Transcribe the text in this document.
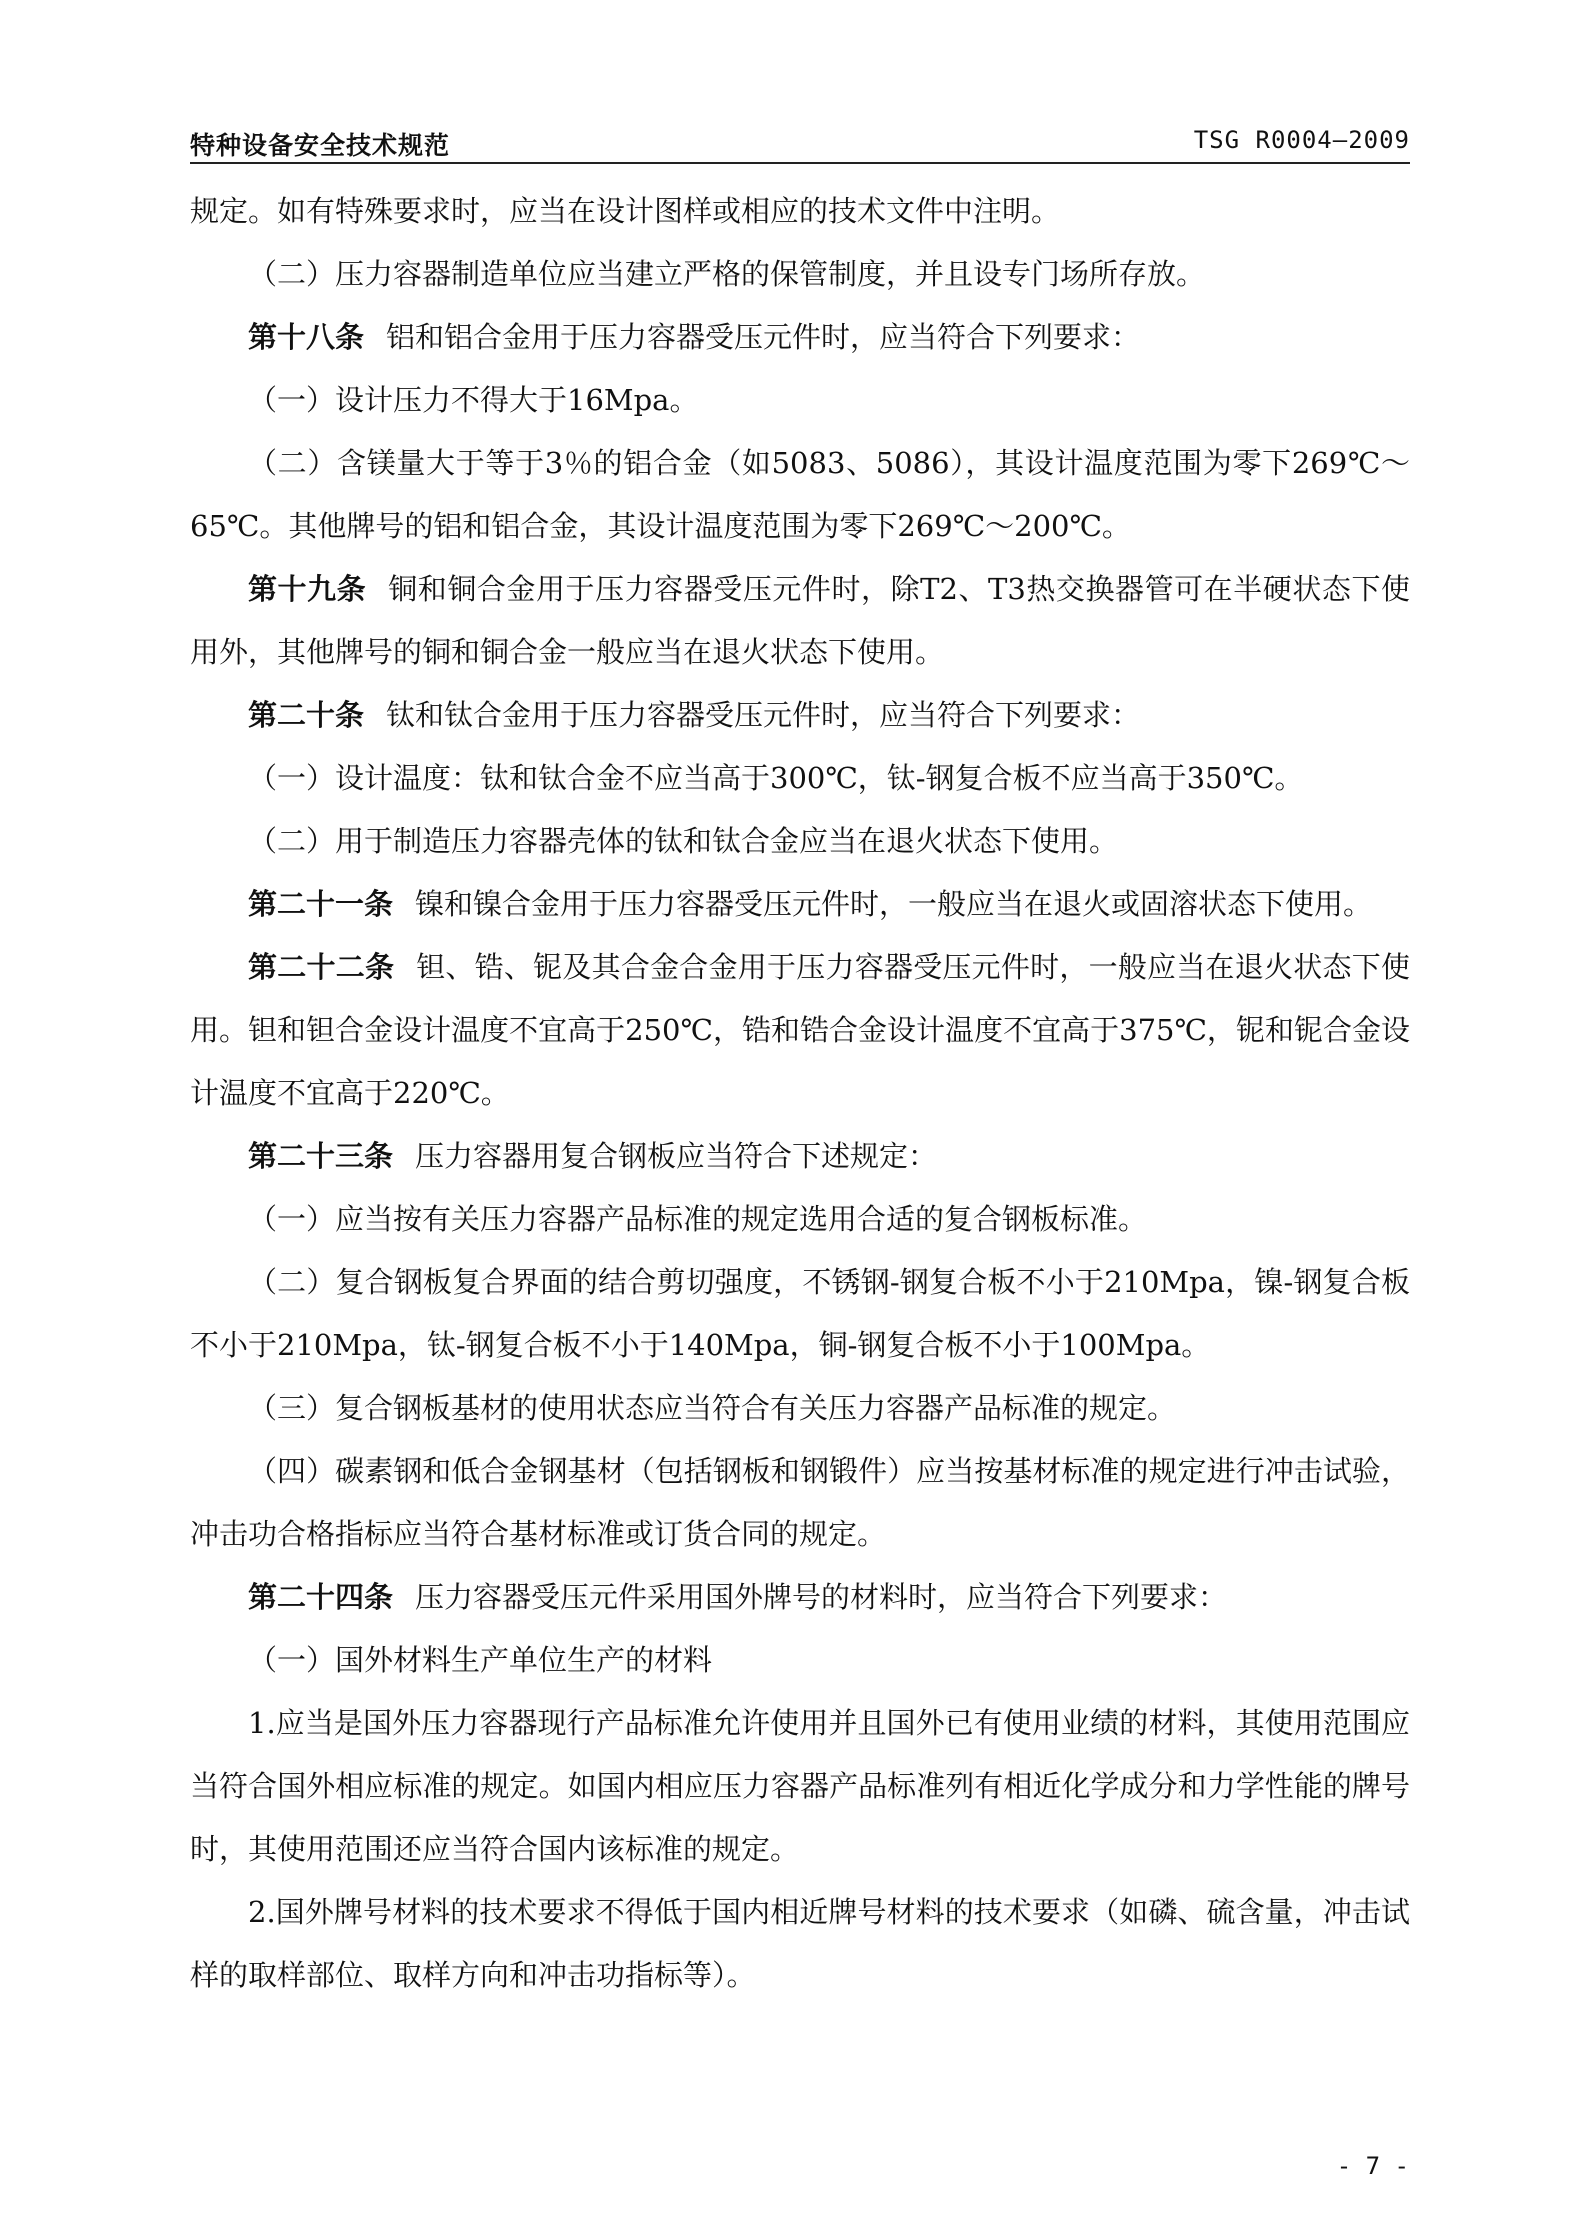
特种设备安全技术规范	TSG R0004—2009

规定。如有特殊要求时，应当在设计图样或相应的技术文件中注明。

（二）压力容器制造单位应当建立严格的保管制度，并且设专门场所存放。

第十八条 铝和铝合金用于压力容器受压元件时，应当符合下列要求：

（一）设计压力不得大于16Mpa。

（二）含镁量大于等于3％的铝合金（如5083、5086），其设计温度范围为零下269℃～65℃。其他牌号的铝和铝合金，其设计温度范围为零下269℃～200℃。

第十九条 铜和铜合金用于压力容器受压元件时，除T2、T3热交换器管可在半硬状态下使用外，其他牌号的铜和铜合金一般应当在退火状态下使用。

第二十条 钛和钛合金用于压力容器受压元件时，应当符合下列要求：

（一）设计温度：钛和钛合金不应当高于300℃，钛-钢复合板不应当高于350℃。

（二）用于制造压力容器壳体的钛和钛合金应当在退火状态下使用。

第二十一条 镍和镍合金用于压力容器受压元件时，一般应当在退火或固溶状态下使用。

第二十二条 钽、锆、铌及其合金合金用于压力容器受压元件时，一般应当在退火状态下使用。钽和钽合金设计温度不宜高于250℃，锆和锆合金设计温度不宜高于375℃，铌和铌合金设计温度不宜高于220℃。

第二十三条 压力容器用复合钢板应当符合下述规定：

（一）应当按有关压力容器产品标准的规定选用合适的复合钢板标准。

（二）复合钢板复合界面的结合剪切强度，不锈钢-钢复合板不小于210Mpa，镍-钢复合板不小于210Mpa，钛-钢复合板不小于140Mpa，铜-钢复合板不小于100Mpa。

（三）复合钢板基材的使用状态应当符合有关压力容器产品标准的规定。

（四）碳素钢和低合金钢基材（包括钢板和钢锻件）应当按基材标准的规定进行冲击试验，冲击功合格指标应当符合基材标准或订货合同的规定。

第二十四条 压力容器受压元件采用国外牌号的材料时，应当符合下列要求：

（一）国外材料生产单位生产的材料

1.应当是国外压力容器现行产品标准允许使用并且国外已有使用业绩的材料，其使用范围应当符合国外相应标准的规定。如国内相应压力容器产品标准列有相近化学成分和力学性能的牌号时，其使用范围还应当符合国内该标准的规定。

2.国外牌号材料的技术要求不得低于国内相近牌号材料的技术要求（如磷、硫含量，冲击试样的取样部位、取样方向和冲击功指标等）。

- 7 -
